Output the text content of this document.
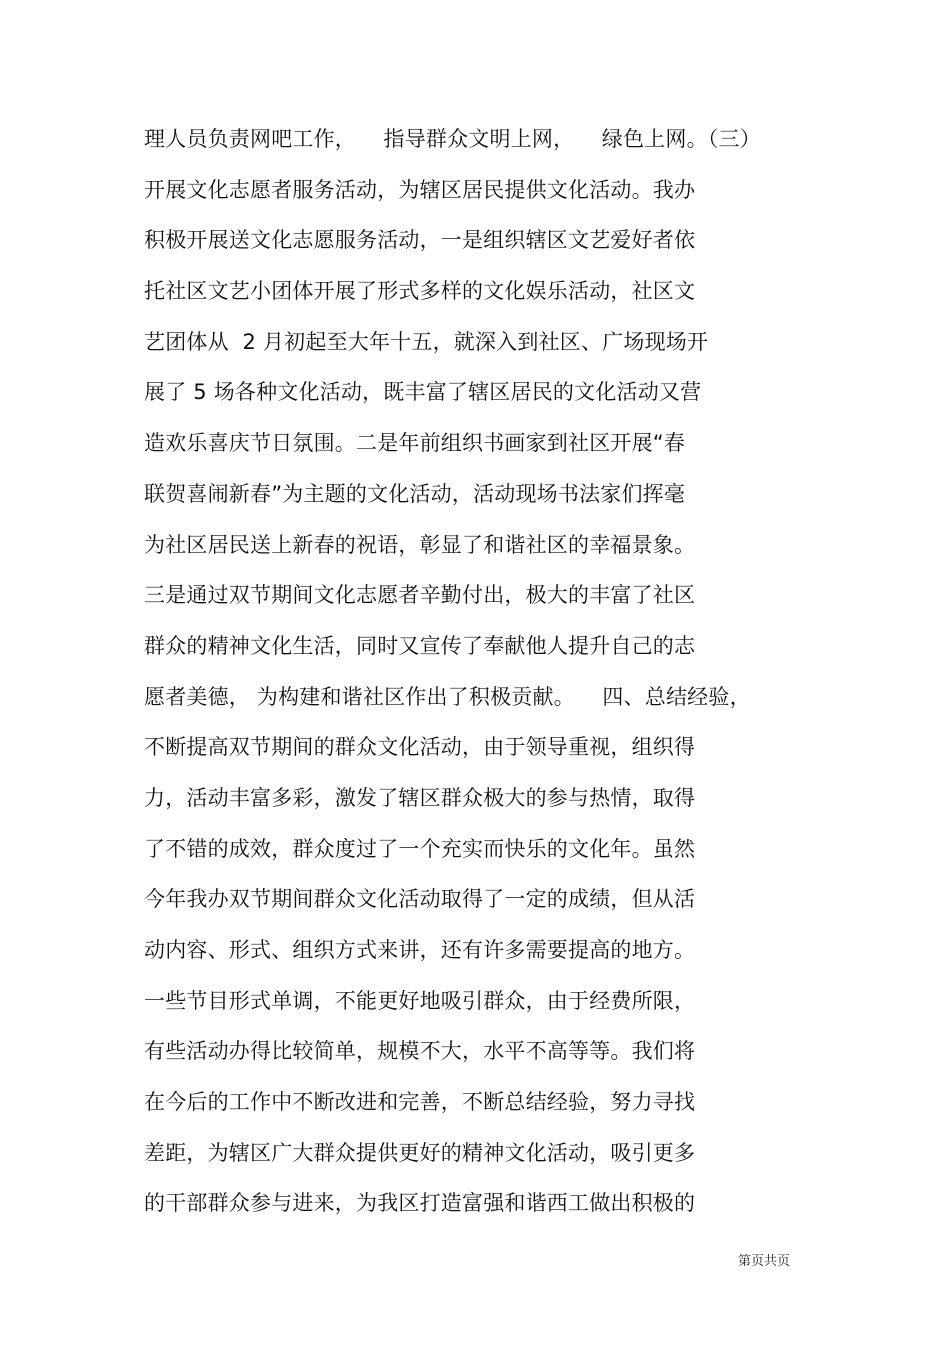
理人员负责网吧工作，    指导群众文明上网，    绿色上网。（三）
开展文化志愿者服务活动，为辖区居民提供文化活动。我办
积极开展送文化志愿服务活动，一是组织辖区文艺爱好者依
托社区文艺小团体开展了形式多样的文化娱乐活动，社区文
艺团体从  2 月初起至大年十五，就深入到社区、广场现场开
展了 5 场各种文化活动，既丰富了辖区居民的文化活动又营
造欢乐喜庆节日氛围。二是年前组织书画家到社区开展“春
联贺喜闹新春”为主题的文化活动，活动现场书法家们挥毫
为社区居民送上新春的祝语，彰显了和谐社区的幸福景象。
三是通过双节期间文化志愿者辛勤付出，极大的丰富了社区
群众的精神文化生活，同时又宣传了奉献他人提升自己的志
愿者美德， 为构建和谐社区作出了积极贡献。    四、总结经验，
不断提高双节期间的群众文化活动，由于领导重视，组织得
力，活动丰富多彩，激发了辖区群众极大的参与热情，取得
了不错的成效，群众度过了一个充实而快乐的文化年。虽然
今年我办双节期间群众文化活动取得了一定的成绩，但从活
动内容、形式、组织方式来讲，还有许多需要提高的地方。
一些节目形式单调，不能更好地吸引群众，由于经费所限，
有些活动办得比较简单，规模不大，水平不高等等。我们将
在今后的工作中不断改进和完善，不断总结经验，努力寻找
差距，为辖区广大群众提供更好的精神文化活动，吸引更多
的干部群众参与进来，为我区打造富强和谐西工做出积极的
第页共页
